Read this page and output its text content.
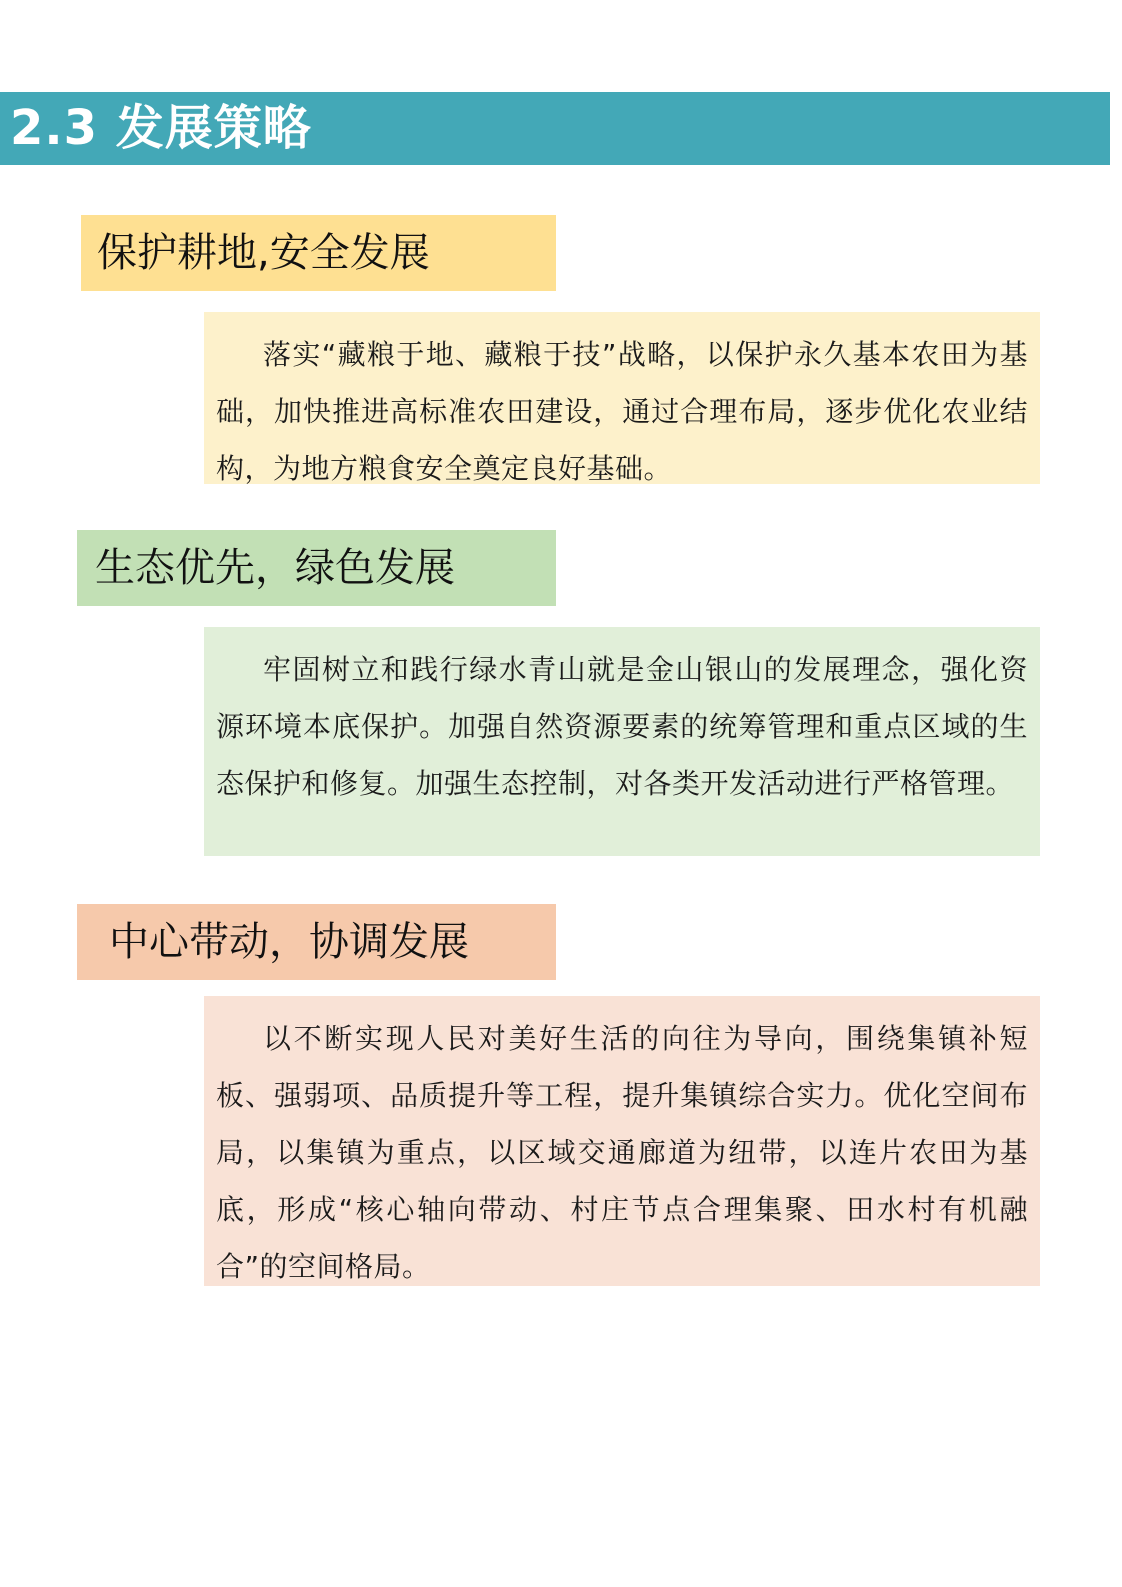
2.3 发展策略
保护耕地,安全发展

落实“藏粮于地、藏粮于技”战略，以保护永久基本农田为基础，加快推进高标准农田建设，通过合理布局，逐步优化农业结构，为地方粮食安全奠定良好基础。

生态优先，绿色发展

牢固树立和践行绿水青山就是金山银山的发展理念，强化资源环境本底保护。加强自然资源要素的统筹管理和重点区域的生态保护和修复。加强生态控制，对各类开发活动进行严格管理。

中心带动，协调发展

以不断实现人民对美好生活的向往为导向，围绕集镇补短板、强弱项、品质提升等工程，提升集镇综合实力。优化空间布局，以集镇为重点，以区域交通廊道为纽带，以连片农田为基底，形成“核心轴向带动、村庄节点合理集聚、田水村有机融合”的空间格局。
